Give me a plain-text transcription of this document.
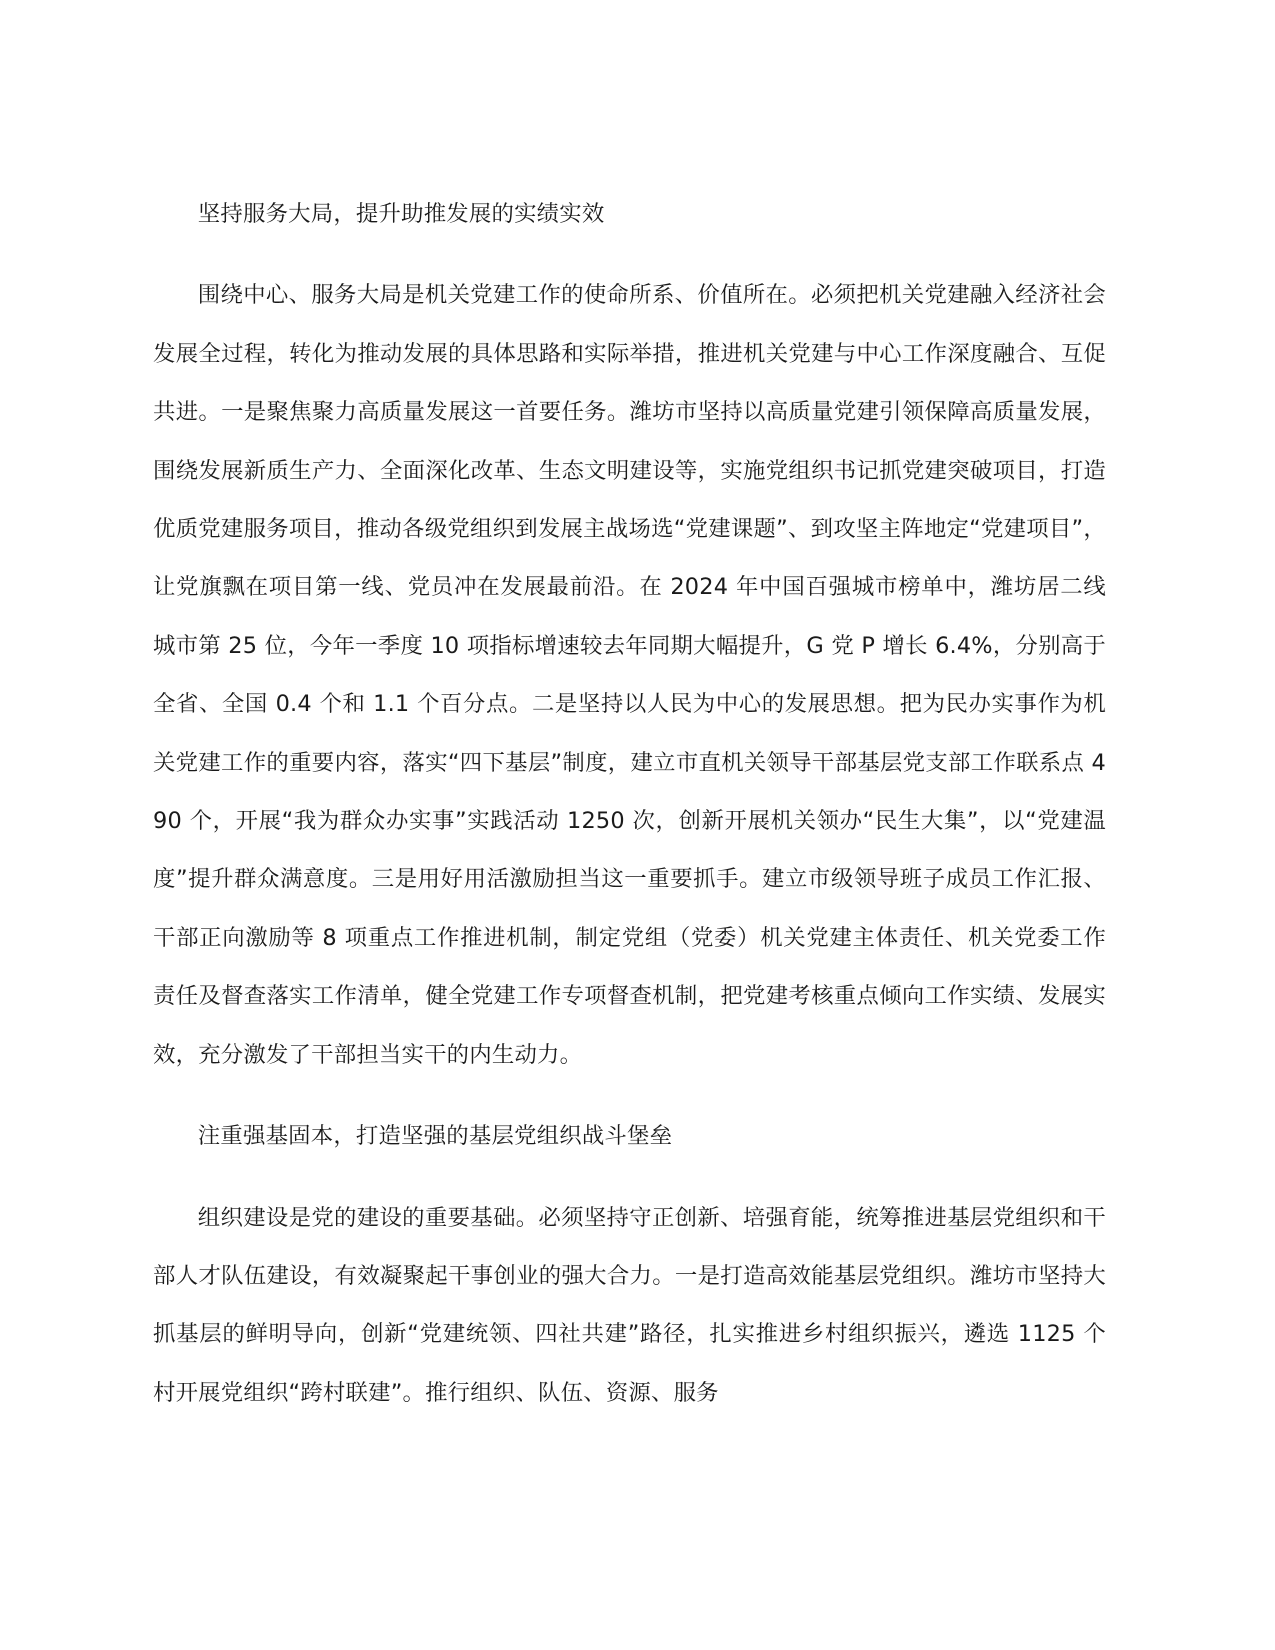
坚持服务大局，提升助推发展的实绩实效

围绕中心、服务大局是机关党建工作的使命所系、价值所在。必须把机关党建融入经济社会发展全过程，转化为推动发展的具体思路和实际举措，推进机关党建与中心工作深度融合、互促共进。一是聚焦聚力高质量发展这一首要任务。潍坊市坚持以高质量党建引领保障高质量发展，围绕发展新质生产力、全面深化改革、生态文明建设等，实施党组织书记抓党建突破项目，打造优质党建服务项目，推动各级党组织到发展主战场选“党建课题”、到攻坚主阵地定“党建项目”，让党旗飘在项目第一线、党员冲在发展最前沿。在 2024 年中国百强城市榜单中，潍坊居二线城市第 25 位，今年一季度 10 项指标增速较去年同期大幅提升，G 党 P 增长 6.4%，分别高于全省、全国 0.4 个和 1.1 个百分点。二是坚持以人民为中心的发展思想。把为民办实事作为机关党建工作的重要内容，落实“四下基层”制度，建立市直机关领导干部基层党支部工作联系点 490 个，开展“我为群众办实事”实践活动 1250 次，创新开展机关领办“民生大集”，以“党建温度”提升群众满意度。三是用好用活激励担当这一重要抓手。建立市级领导班子成员工作汇报、干部正向激励等 8 项重点工作推进机制，制定党组（党委）机关党建主体责任、机关党委工作责任及督查落实工作清单，健全党建工作专项督查机制，把党建考核重点倾向工作实绩、发展实效，充分激发了干部担当实干的内生动力。

注重强基固本，打造坚强的基层党组织战斗堡垒

组织建设是党的建设的重要基础。必须坚持守正创新、培强育能，统筹推进基层党组织和干部人才队伍建设，有效凝聚起干事创业的强大合力。一是打造高效能基层党组织。潍坊市坚持大抓基层的鲜明导向，创新“党建统领、四社共建”路径，扎实推进乡村组织振兴，遴选 1125 个村开展党组织“跨村联建”。推行组织、队伍、资源、服务
